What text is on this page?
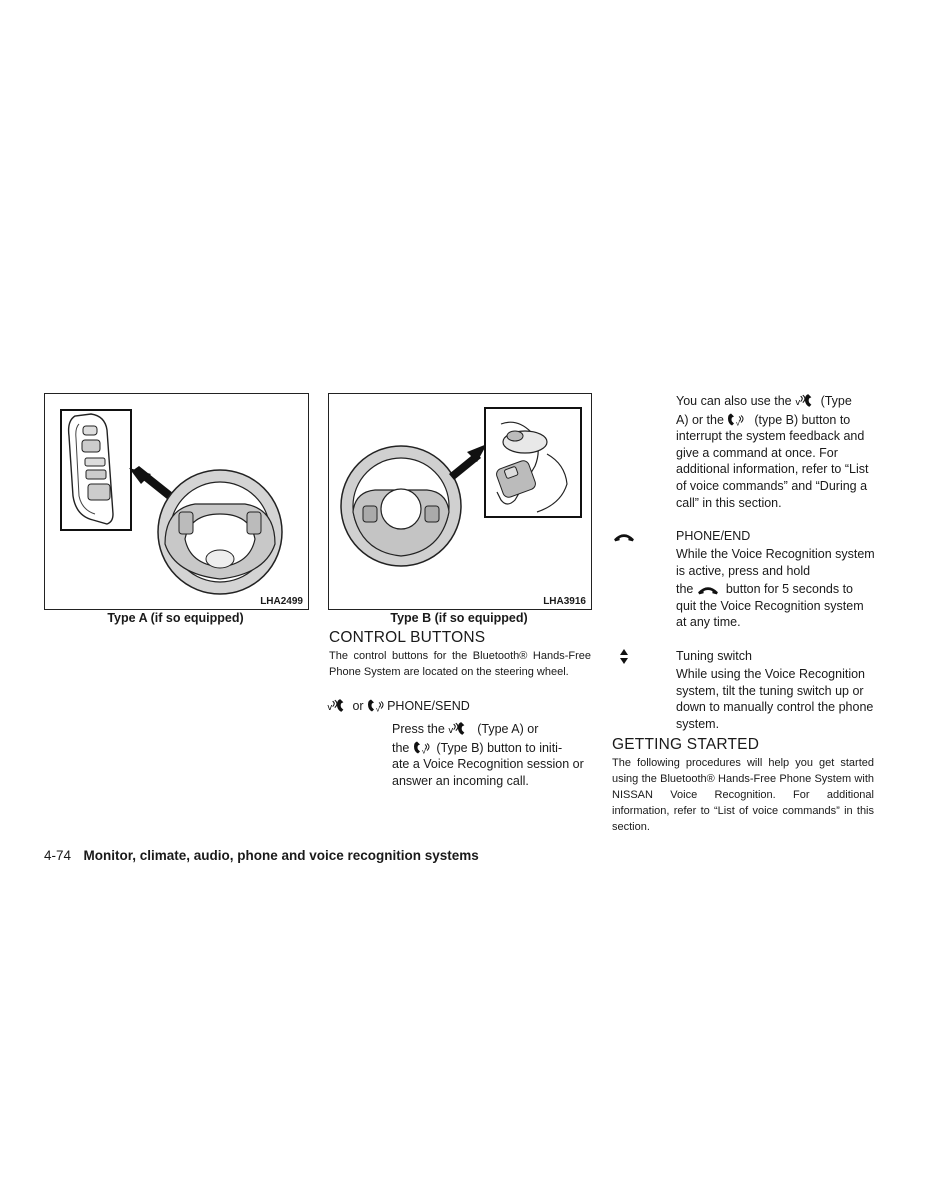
LHA2499
Type A (if so equipped)
LHA3916
Type B (if so equipped)
CONTROL BUTTONS
The control buttons for the Bluetooth® Hands-Free Phone System are located on the steering wheel.
or PHONE/SEND
Press the	(Type A) or
the (Type B) button to initi-
ate a Voice Recognition session or answer an incoming call.
You can also use the (Type
A) or the (type B) button to
interrupt the system feedback and give a command at once. For additional information, refer to “List of voice commands” and “During a call” in this section.
PHONE/END
While the Voice Recognition system is active, press and hold
the	button for 5 seconds to
quit the Voice Recognition system at any time.
Tuning switch
While using the Voice Recognition system, tilt the tuning switch up or down to manually control the phone system.
GETTING STARTED
The following procedures will help you get started using the Bluetooth® Hands-Free Phone System with NISSAN Voice Recognition. For additional information, refer to “List of voice commands” in this section.
4-74 Monitor, climate, audio, phone and voice recognition systems
